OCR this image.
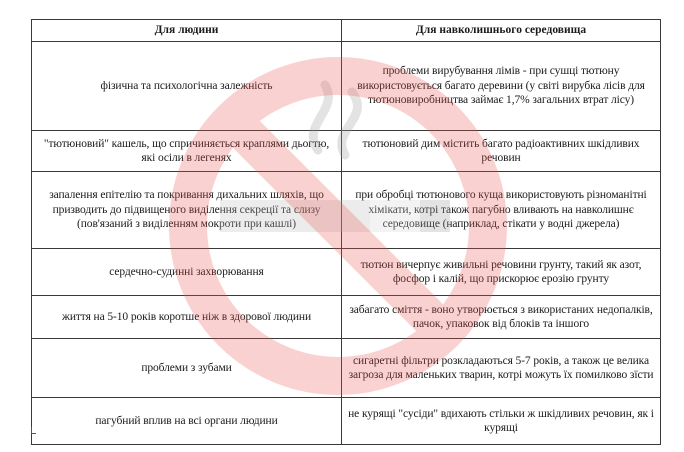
Для людини	Для навколишнього середовища
фізична та психологічна залежність	проблеми вирубування лімів - при сушці тютюну використовується багато деревини (у світі вирубка лісів для тютюновиробництва займає 1,7% загальних втрат лісу)
"тютюновий" кашель, що спричиняється краплями дьогтю, які осіли в легенях	тютюновий дим містить багато радіоактивних шкідливих речовин
запалення епітелію та покривання дихальних шляхів, що призводить до підвищеного виділення секреції та слизу (пов'язаний з виділенням мокроти при кашлі)	при обробці тютюнового куща використовують різноманітні хімікати, котрі також пагубно вливають на навколишнє середовище (наприклад, стікати у водні джерела)
сердечно-судинні захворювання	тютюн вичерпує живильні речовини грунту, такий як азот, фосфор і калій, що прискорює ерозію грунту
життя на 5-10 років коротше ніж в здорової людини	забагато сміття - воно утворюється з використаних недопалків, пачок, упаковок від блоків та іншого
проблеми з зубами	сигаретні фільтри розкладаються 5-7 років, а також це велика загроза для маленьких тварин, котрі можуть їх помилково зїсти
пагубний вплив на всі органи людини	не курящі "сусіди" вдихають стільки ж шкідливих речовин, як і курящі
